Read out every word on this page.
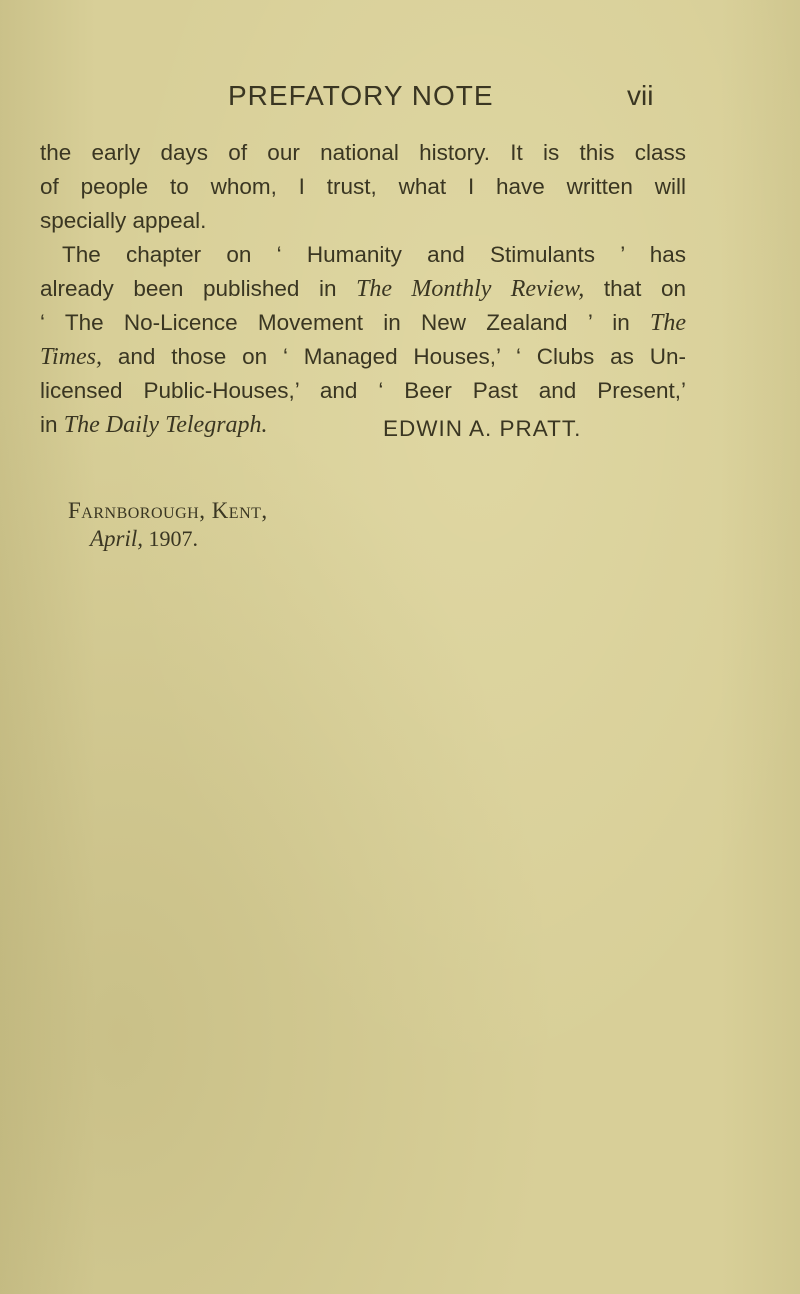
PREFATORY NOTE	vii

the early days of our national history. It is this class
of people to whom, I trust, what I have written will
specially appeal.

The chapter on ‘ Humanity and Stimulants ’ has
already been published in The Monthly Review, that on
‘ The No-Licence Movement in New Zealand ’ in The
Times, and those on ‘ Managed Houses,’ ‘ Clubs as Un-
licensed Public-Houses,’ and ‘ Beer Past and Present,’
in The Daily Telegraph.	EDWIN A. PRATT.
Farnborough, Kent,
April, 1907.
